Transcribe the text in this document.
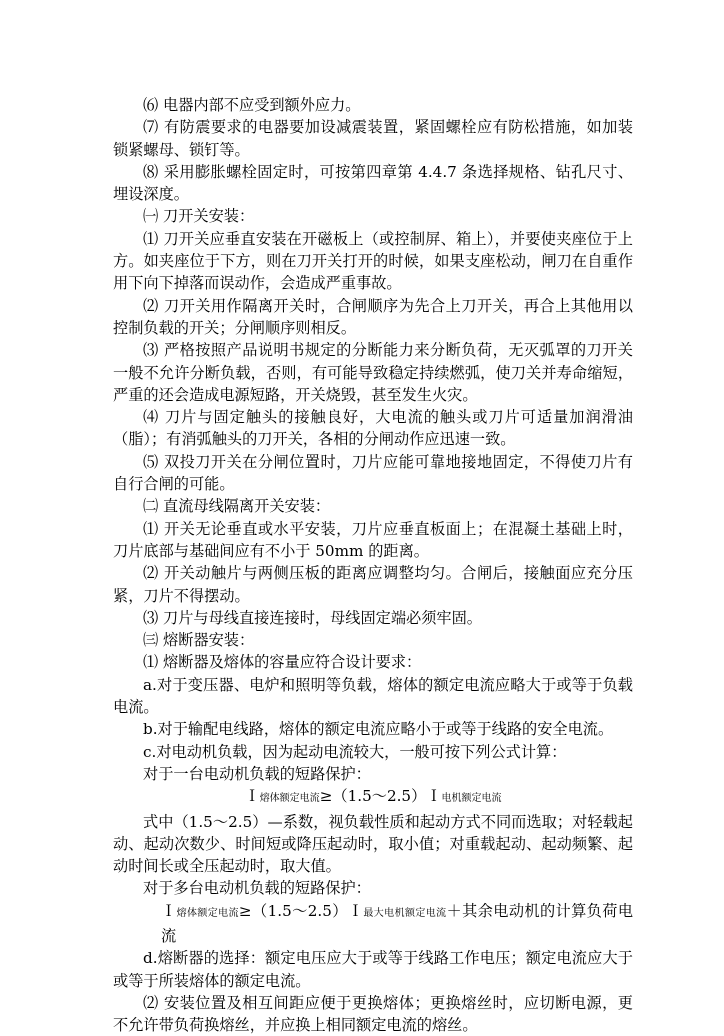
⑹ 电器内部不应受到额外应力。

⑺ 有防震要求的电器要加设减震装置，紧固螺栓应有防松措施，如加装锁紧螺母、锁钉等。

⑻ 采用膨胀螺栓固定时，可按第四章第 4.4.7 条选择规格、钻孔尺寸、埋设深度。

㈠ 刀开关安装：

⑴ 刀开关应垂直安装在开磁板上（或控制屏、箱上），并要使夹座位于上方。如夹座位于下方，则在刀开关打开的时候，如果支座松动，闸刀在自重作用下向下掉落而误动作，会造成严重事故。

⑵ 刀开关用作隔离开关时，合闸顺序为先合上刀开关，再合上其他用以控制负载的开关；分闸顺序则相反。

⑶ 严格按照产品说明书规定的分断能力来分断负荷，无灭弧罩的刀开关一般不允许分断负载，否则，有可能导致稳定持续燃弧，使刀关并寿命缩短，严重的还会造成电源短路，开关烧毁，甚至发生火灾。

⑷ 刀片与固定触头的接触良好，大电流的触头或刀片可适量加润滑油（脂）；有消弧触头的刀开关，各相的分闸动作应迅速一致。

⑸ 双投刀开关在分闸位置时，刀片应能可靠地接地固定，不得使刀片有自行合闸的可能。

㈡ 直流母线隔离开关安装：

⑴ 开关无论垂直或水平安装，刀片应垂直板面上；在混凝土基础上时，刀片底部与基础间应有不小于 50mm 的距离。

⑵ 开关动触片与两侧压板的距离应调整均匀。合闸后，接触面应充分压紧，刀片不得摆动。

⑶ 刀片与母线直接连接时，母线固定端必须牢固。

㈢ 熔断器安装：

⑴ 熔断器及熔体的容量应符合设计要求：

a.对于变压器、电炉和照明等负载，熔体的额定电流应略大于或等于负载电流。

b.对于输配电线路，熔体的额定电流应略小于或等于线路的安全电流。

c.对电动机负载，因为起动电流较大，一般可按下列公式计算：

对于一台电动机负载的短路保护：

Ｉ熔体额定电流≥（1.5～2.5）Ｉ电机额定电流

式中（1.5～2.5）—系数，视负载性质和起动方式不同而选取；对轻载起动、起动次数少、时间短或降压起动时，取小值；对重载起动、起动频繁、起动时间长或全压起动时，取大值。

对于多台电动机负载的短路保护：

Ｉ熔体额定电流≥（1.5～2.5）Ｉ最大电机额定电流＋其余电动机的计算负荷电流

d.熔断器的选择：额定电压应大于或等于线路工作电压；额定电流应大于或等于所装熔体的额定电流。

⑵ 安装位置及相互间距应便于更换熔体；更换熔丝时，应切断电源，更不允许带负荷换熔丝，并应换上相同额定电流的熔丝。
